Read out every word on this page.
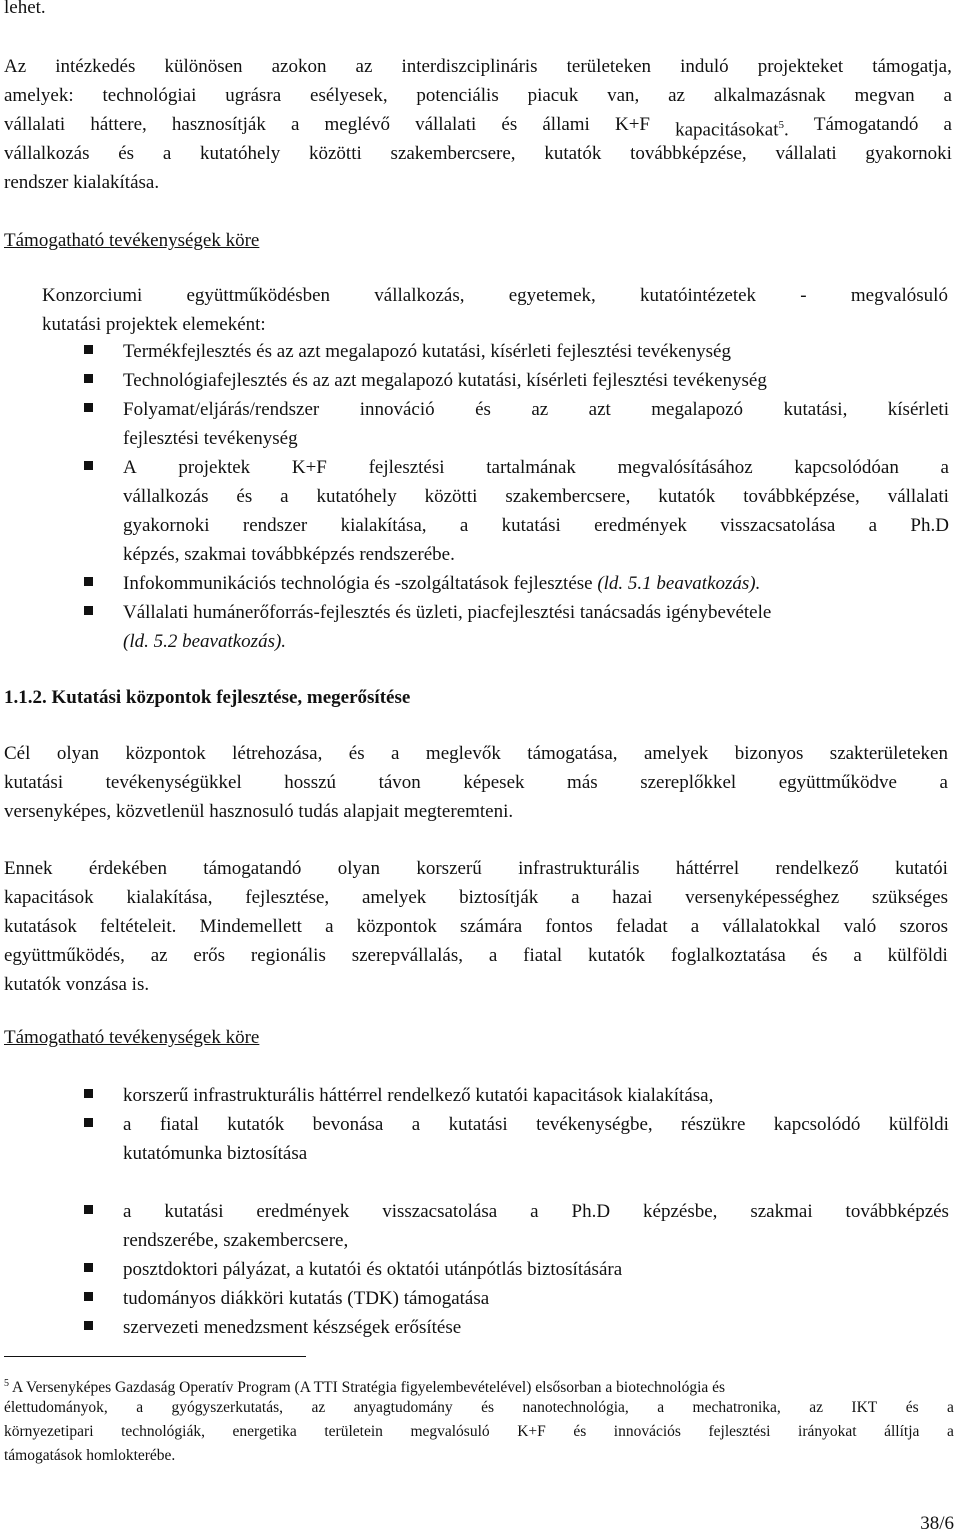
lehet.
Az intézkedés különösen azokon az interdiszciplináris területeken induló projekteket támogatja,
amelyek: technológiai ugrásra esélyesek, potenciális piacuk van, az alkalmazásnak megvan a
vállalati háttere, hasznosítják a meglévő vállalati és állami K+F kapacitásokat$^5$. Támogatandó a
vállalkozás és a kutatóhely közötti szakembercsere, kutatók továbbképzése, vállalati gyakornoki
rendszer kialakítása.
Támogatható tevékenységek köre
Konzorciumi együttműködésben vállalkozás, egyetemek, kutatóintézetek - megvalósuló
kutatási projektek elemeként:
Termékfejlesztés és az azt megalapozó kutatási, kísérleti fejlesztési tevékenység
Technológiafejlesztés és az azt megalapozó kutatási, kísérleti fejlesztési tevékenység
Folyamat/eljárás/rendszer innováció és az azt megalapozó kutatási, kísérleti
fejlesztési tevékenység
A projektek K+F fejlesztési tartalmának megvalósításához kapcsolódóan a
vállalkozás és a kutatóhely közötti szakembercsere, kutatók továbbképzése, vállalati
gyakornoki rendszer kialakítása, a kutatási eredmények visszacsatolása a Ph.D
képzés, szakmai továbbképzés rendszerébe.
Infokommunikációs technológia és -szolgáltatások fejlesztése (ld. 5.1 beavatkozás).
Vállalati humánerőforrás-fejlesztés és üzleti, piacfejlesztési tanácsadás igénybevétele
(ld. 5.2 beavatkozás).
1.1.2. Kutatási központok fejlesztése, megerősítése
Cél olyan központok létrehozása, és a meglevők támogatása, amelyek bizonyos szakterületeken
kutatási tevékenységükkel hosszú távon képesek más szereplőkkel együttműködve a
versenyképes, közvetlenül hasznosuló tudás alapjait megteremteni.
Ennek érdekében támogatandó olyan korszerű infrastrukturális háttérrel rendelkező kutatói
kapacitások kialakítása, fejlesztése, amelyek biztosítják a hazai versenyképességhez szükséges
kutatások feltételeit. Mindemellett a központok számára fontos feladat a vállalatokkal való szoros
együttműködés, az erős regionális szerepvállalás, a fiatal kutatók foglalkoztatása és a külföldi
kutatók vonzása is.
Támogatható tevékenységek köre
korszerű infrastrukturális háttérrel rendelkező kutatói kapacitások kialakítása,
a fiatal kutatók bevonása a kutatási tevékenységbe, részükre kapcsolódó külföldi
kutatómunka biztosítása
a kutatási eredmények visszacsatolása a Ph.D képzésbe, szakmai továbbképzés
rendszerébe, szakembercsere,
posztdoktori pályázat, a kutatói és oktatói utánpótlás biztosítására
tudományos diákköri kutatás (TDK) támogatása
szervezeti menedzsment készségek erősítése
$^5$ A Versenyképes Gazdaság Operatív Program (A TTI Stratégia figyelembevételével) elsősorban a biotechnológia és
élettudományok, a gyógyszerkutatás, az anyagtudomány és nanotechnológia, a mechatronika, az IKT és a
környezetipari technológiák, energetika területein megvalósuló K+F és innovációs fejlesztési irányokat állítja a
támogatások homlokterébe.
38/6
